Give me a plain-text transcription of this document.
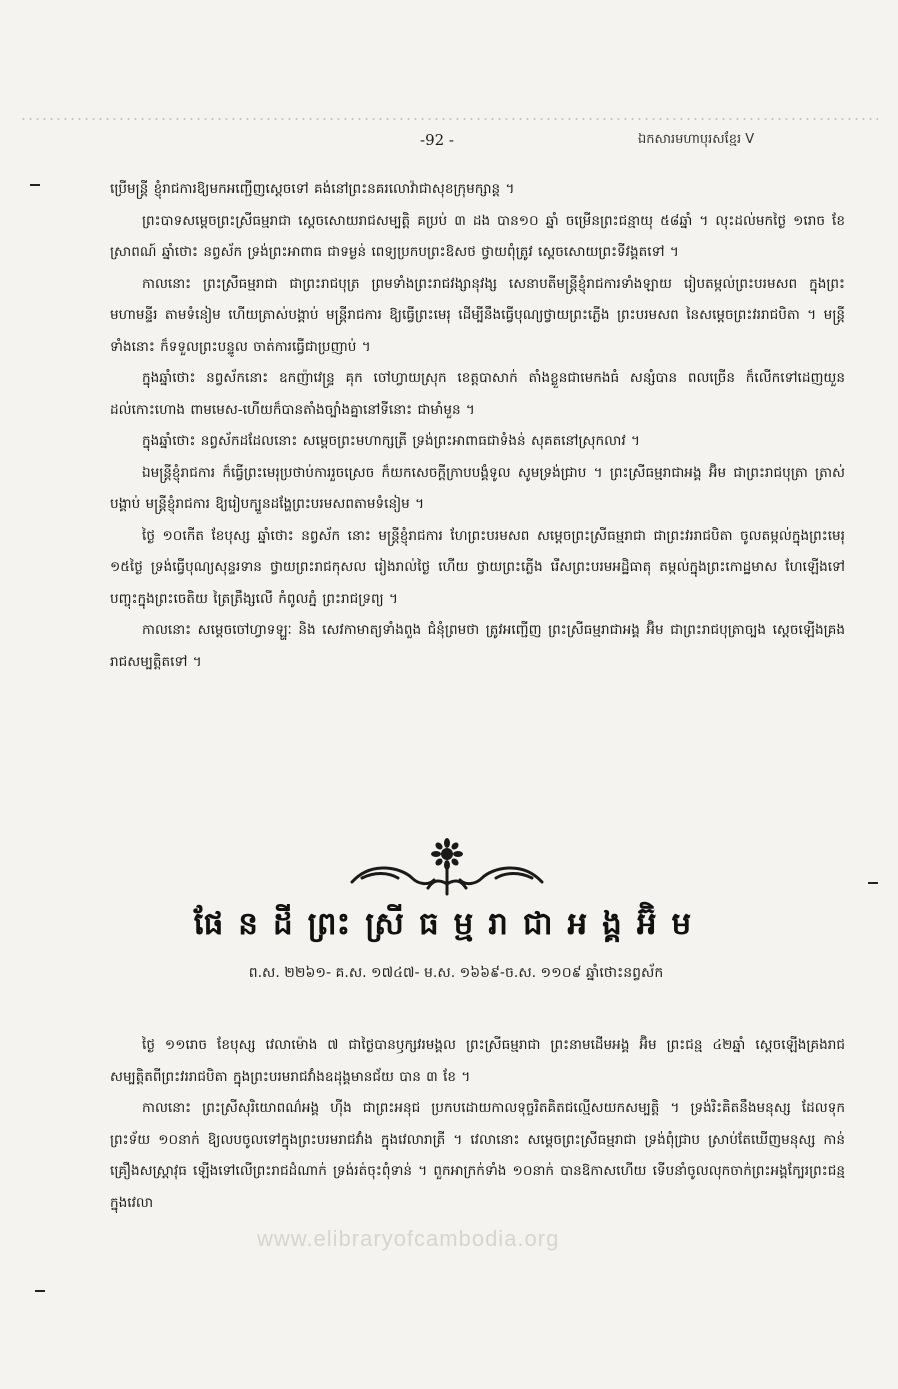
-92 -	ឯកសារមហាបុរសខ្មែរ V

ប្រើមន្ត្រី ខ្ញុំរាជការឱ្យមកអញ្ជើញស្តេចទៅ គង់នៅព្រះនគរលោវ៉ាជាសុខក្រុមក្សាន្ត ។

ព្រះបាទសម្តេចព្រះស្រីធម្មរាជា ស្តេចសោយរាជសម្បត្តិ គប្រប់ ៣ ដង បាន១០ ឆ្នាំ ចម្រើនព្រះជន្មាយុ ៥៨ឆ្នាំ ។ លុះដល់មកថ្ងៃ ១រោច ខែស្រាពណ៍ ឆ្នាំថោះ នព្វស័ក ទ្រង់ព្រះអាពាធ ជាទម្ងន់ ពេទ្យប្រកបព្រះឱសថ ថ្វាយពុំត្រូវ ស្តេចសោយព្រះទីវង្គតទៅ ។

កាលនោះ ព្រះស្រីធម្មរាជា ជាព្រះរាជបុត្រ ព្រមទាំងព្រះរាជវង្សានុវង្ស សេនាបតីមន្ត្រីខ្ញុំរាជការទាំងឡាយ រៀបតម្កល់ព្រះបរមសព ក្នុងព្រះមហាមន្ទីរ តាមទំនៀម ហើយត្រាស់បង្គាប់ មន្ត្រីរាជការ ឱ្យធ្វើព្រះមេរុ ដើម្បីនឹងធ្វើបុណ្យថ្វាយព្រះភ្លើង ព្រះបរមសព នៃសម្តេចព្រះវររាជបិតា ។ មន្ត្រីទាំងនោះ ក៏ទទួលព្រះបន្ទូល ចាត់ការធ្វើជាប្រញាប់ ។

ក្នុងឆ្នាំថោះ នព្វស័កនោះ ឧកញ៉ាវេន្ទ្រ គុក ចៅហ្វាយស្រុក ខេត្តបាសាក់ តាំងខ្លួនជាមេកងធំ សន្សំបាន ពលច្រើន ក៏លើកទៅដេញយួន ដល់កោះហោង ពាមមេស-ហើយក៏បានតាំងច្បាំងគ្នានៅទីនោះ ជាមាំមួន ។

ក្នុងឆ្នាំថោះ នព្វស័កដដែលនោះ សម្តេចព្រះមហាក្សត្រី ទ្រង់ព្រះអាពាធជាទំងន់ សុគតនៅស្រុកលាវ ។

ឯមន្ត្រីខ្ញុំរាជការ ក៏ធ្វើព្រះមេរុប្រថាប់ការរួចស្រេច ក៏យកសេចក្តីក្រាបបង្គំទូល សូមទ្រង់ជ្រាប ។ ព្រះស្រីធម្មរាជាអង្គ អ៊ិម ជាព្រះរាជបុត្រា ត្រាស់បង្គាប់ មន្ត្រីខ្ញុំរាជការ ឱ្យរៀបក្បួនដង្ហែព្រះបរមសពតាមទំនៀម ។

ថ្ងៃ ១០កើត ខែបុស្ស ឆ្នាំថោះ នព្វស័ក នោះ មន្ត្រីខ្ញុំរាជការ ហែព្រះបរមសព សម្តេចព្រះស្រីធម្មរាជា ជាព្រះវររាជបិតា ចូលតម្កល់ក្នុងព្រះមេរុ ១៥ថ្ងៃ ទ្រង់ធ្វើបុណ្យសុន្ទរទាន ថ្វាយព្រះរាជកុសល រៀងរាល់ថ្ងៃ ហើយ ថ្វាយព្រះភ្លើង រើសព្រះបរមអដ្ឋិធាតុ តម្កល់ក្នុងព្រះកោដ្ឋមាស ហែឡើងទៅបញ្ចុះក្នុងព្រះចេតិយ ត្រៃត្រឹង្សលើ កំពូលភ្នំ ព្រះរាជទ្រព្យ ។

កាលនោះ សម្តេចចៅហ្វាទឡ្ហៈ និង សេវកាមាត្យទាំងពួង ជំនុំព្រមថា ត្រូវអញ្ជើញ ព្រះស្រីធម្មរាជាអង្គ អ៊ិម ជាព្រះរាជបុត្រាច្បង ស្តេចឡើងគ្រងរាជសម្បត្តិតទៅ ។

ផែនដីព្រះស្រីធម្មរាជាអង្គអ៊ិម
ព.ស. ២២៦១- គ.ស. ១៧៤៧- ម.ស. ១៦៦៩-ច.ស. ១១០៩ ឆ្នាំថោះនព្វស័ក

ថ្ងៃ ១១រោច ខែបុស្ស វេលាម៉ោង ៧ ជាថ្ងៃបានឫក្សវរមង្គល ព្រះស្រីធម្មរាជា ព្រះនាមដើមអង្គ អ៊ិម ព្រះជន្ម ៤២ឆ្នាំ ស្តេចឡើងគ្រងរាជសម្បត្តិតពីព្រះវររាជបិតា ក្នុងព្រះបរមរាជវាំងឧដុង្គមានជ័យ បាន ៣ ខែ ។

កាលនោះ ព្រះស្រីសុរិយោពណ៌អង្គ ហ៊ីង ជាព្រះអនុជ ប្រកបដោយកាលទុច្ចរិតគិតជល្មើសយកសម្បត្តិ ។ ទ្រង់រិះគិតនឹងមនុស្ស ដែលទុកព្រះទ័យ ១០នាក់ ឱ្យលបចូលទៅក្នុងព្រះបរមរាជវាំង ក្នុងវេលារាត្រី ។ វេលានោះ សម្តេចព្រះស្រីធម្មរាជា ទ្រង់ពុំជ្រាប ស្រាប់តែឃើញមនុស្ស កាន់គ្រឿងសស្ត្រាវុធ ឡើងទៅលើព្រះរាជដំណាក់ ទ្រង់រត់ចុះពុំទាន់ ។ ពួកអាក្រក់ទាំង ១០នាក់ បានឱកាសហើយ ទើបនាំចូលលុកចាក់ព្រះអង្គក្បែរព្រះជន្ម ក្នុងវេលា

www.elibraryofcambodia.org
